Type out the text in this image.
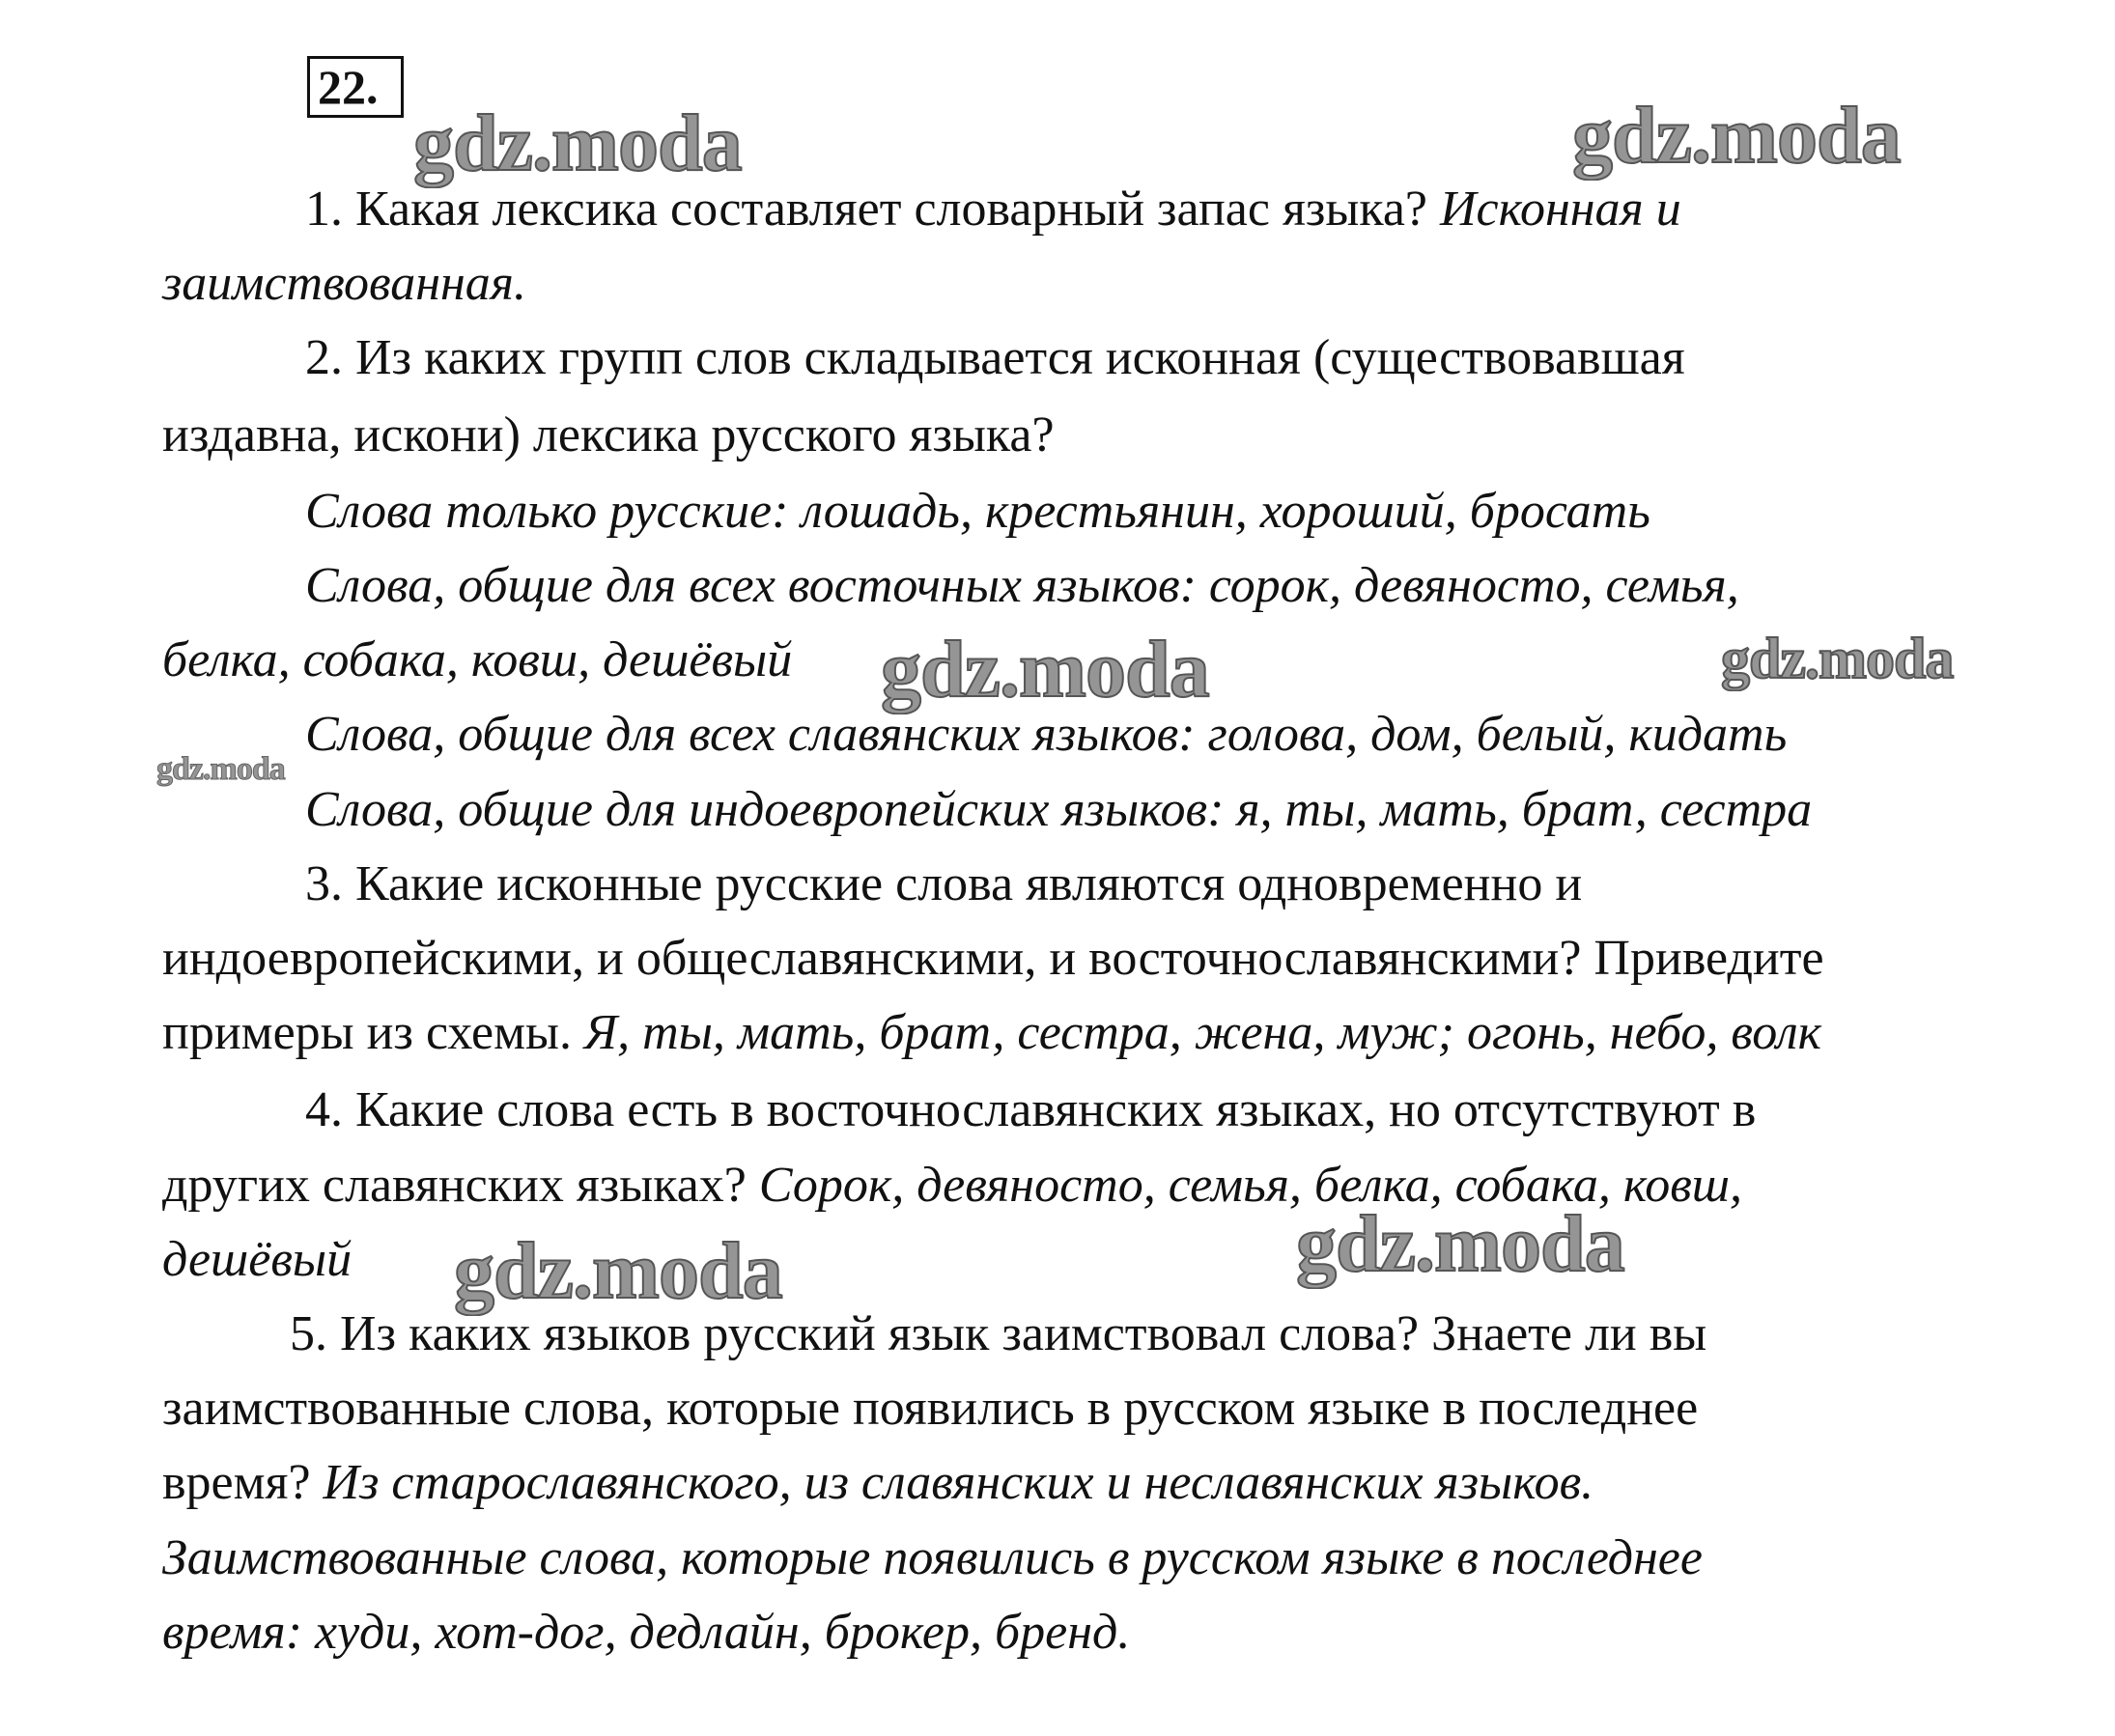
22.
1. Какая лексика составляет словарный запас языка? Исконная и
заимствованная.
2. Из каких групп слов складывается исконная (существовавшая
издавна, искони) лексика русского языка?
Слова только русские: лошадь, крестьянин, хороший, бросать
Слова, общие для всех восточных языков: сорок, девяносто, семья,
белка, собака, ковш, дешёвый
Слова, общие для всех славянских языков: голова, дом, белый, кидать
Слова, общие для индоевропейских языков: я, ты, мать, брат, сестра
3. Какие исконные русские слова являются одновременно и
индоевропейскими, и общеславянскими, и восточнославянскими? Приведите
примеры из схемы. Я, ты, мать, брат, сестра, жена, муж; огонь, небо, волк
4. Какие слова есть в восточнославянских языках, но отсутствуют в
других славянских языках? Сорок, девяносто, семья, белка, собака, ковш,
дешёвый
5. Из каких языков русский язык заимствовал слова? Знаете ли вы
заимствованные слова, которые появились в русском языке в последнее
время? Из старославянского, из славянских и неславянских языков.
Заимствованные слова, которые появились в русском языке в последнее
время: худи, хот-дог, дедлайн, брокер, бренд.
gdz.moda	gdz.moda
gdz.moda	gdz.moda
gdz.moda
gdz.moda	gdz.moda
